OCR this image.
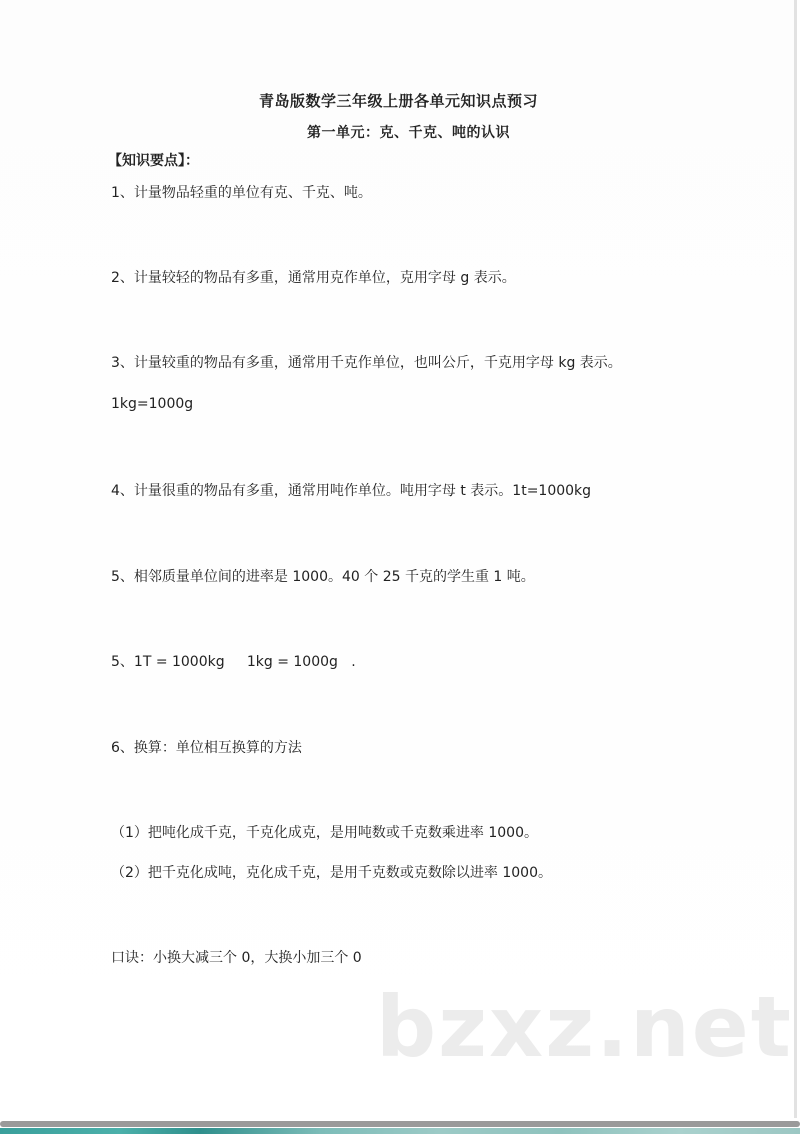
青岛版数学三年级上册各单元知识点预习
第一单元：克、千克、吨的认识
【知识要点】：
1、计量物品轻重的单位有克、千克、吨。
2、计量较轻的物品有多重，通常用克作单位，克用字母 g 表示。
3、计量较重的物品有多重，通常用千克作单位，也叫公斤，千克用字母 kg 表示。
1kg=1000g
4、计量很重的物品有多重，通常用吨作单位。吨用字母 t 表示。1t=1000kg
5、相邻质量单位间的进率是 1000。40 个 25 千克的学生重 1 吨。
5、1T = 1000kg     1kg = 1000g   .
6、换算：单位相互换算的方法
（1）把吨化成千克，千克化成克，是用吨数或千克数乘进率 1000。
（2）把千克化成吨，克化成千克，是用千克数或克数除以进率 1000。
口诀：小换大减三个 0，大换小加三个 0
bzxz.net
